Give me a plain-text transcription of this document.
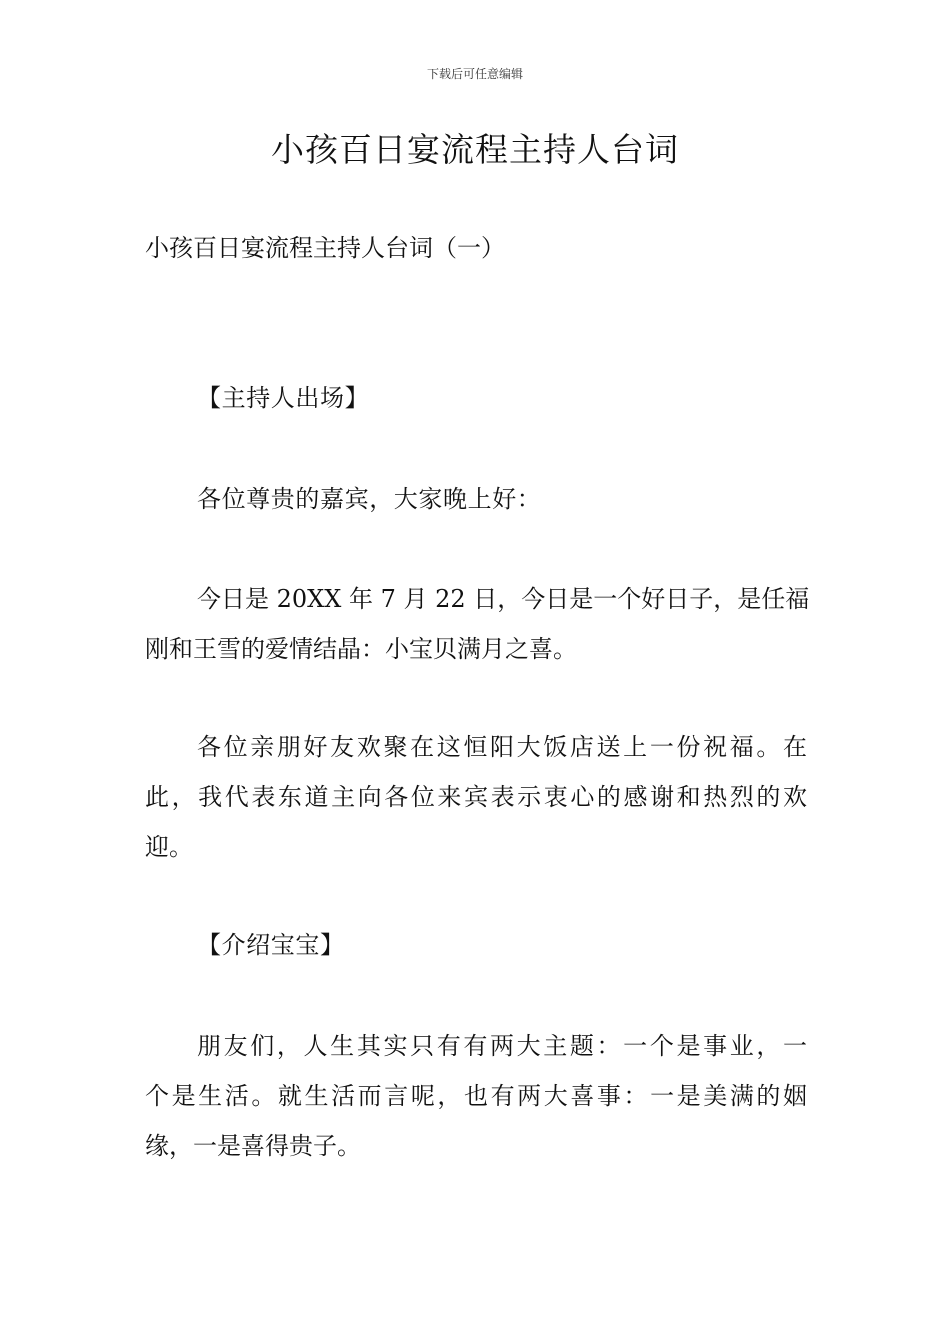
下载后可任意编辑
小孩百日宴流程主持人台词

小孩百日宴流程主持人台词（一）

【主持人出场】

各位尊贵的嘉宾，大家晚上好：

今日是 20XX 年 7 月 22 日，今日是一个好日子，是任福
刚和王雪的爱情结晶：小宝贝满月之喜。
各位亲朋好友欢聚在这恒阳大饭店送上一份祝福。在
此，我代表东道主向各位来宾表示衷心的感谢和热烈的欢
迎。

【介绍宝宝】

朋友们，人生其实只有有两大主题：一个是事业，一
个是生活。就生活而言呢，也有两大喜事：一是美满的姻
缘，一是喜得贵子。
